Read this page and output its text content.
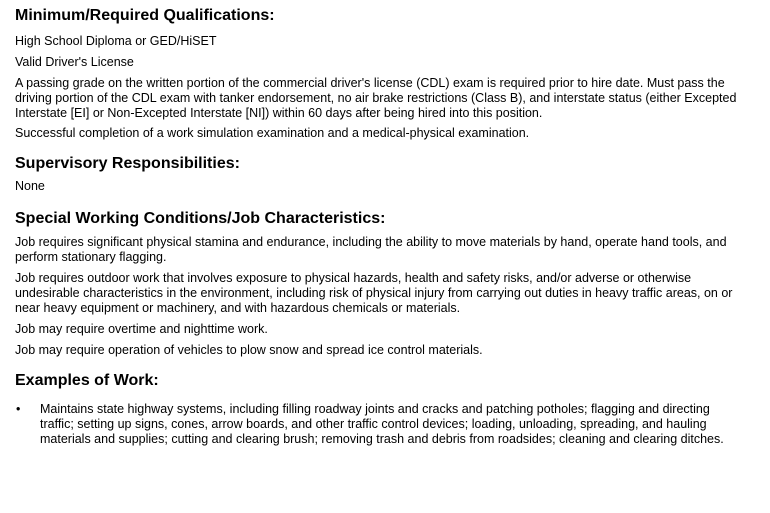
Minimum/Required Qualifications:

High School Diploma or GED/HiSET

Valid Driver's License

A passing grade on the written portion of the commercial driver's license (CDL) exam is required prior to hire date. Must pass the driving portion of the CDL exam with tanker endorsement, no air brake restrictions (Class B), and interstate status (either Excepted Interstate [EI] or Non-Excepted Interstate [NI]) within 60 days after being hired into this position.

Successful completion of a work simulation examination and a medical-physical examination.

Supervisory Responsibilities:

None

Special Working Conditions/Job Characteristics:

Job requires significant physical stamina and endurance, including the ability to move materials by hand, operate hand tools, and perform stationary flagging.

Job requires outdoor work that involves exposure to physical hazards, health and safety risks, and/or adverse or otherwise undesirable characteristics in the environment, including risk of physical injury from carrying out duties in heavy traffic areas, on or near heavy equipment or machinery, and with hazardous chemicals or materials.

Job may require overtime and nighttime work.

Job may require operation of vehicles to plow snow and spread ice control materials.

Examples of Work:
•	Maintains state highway systems, including filling roadway joints and cracks and patching potholes; flagging and directing traffic; setting up signs, cones, arrow boards, and other traffic control devices; loading, unloading, spreading, and hauling materials and supplies; cutting and clearing brush; removing trash and debris from roadsides; cleaning and clearing ditches.
